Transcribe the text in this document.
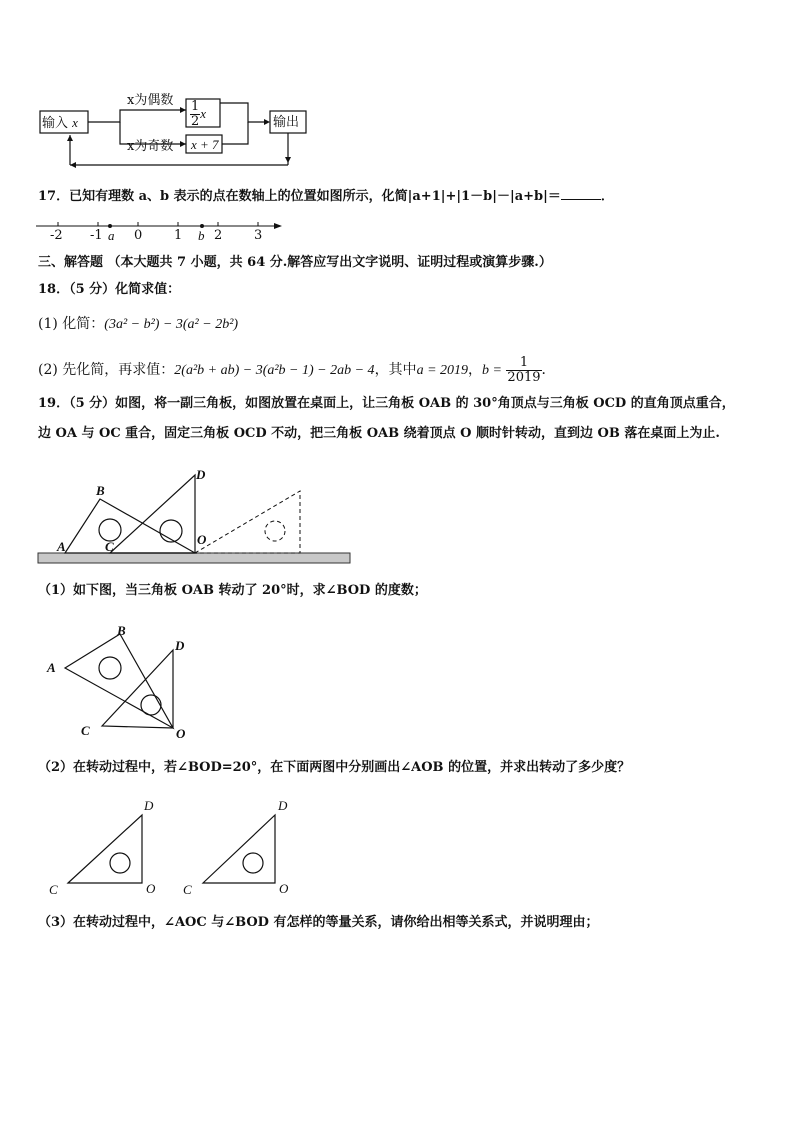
输入 x
x为偶数
x为奇数
$\frac{1}{2}$ x
x + 7
输出
17．已知有理数 a、b 表示的点在数轴上的位置如图所示，化简|a+1|+|1－b|－|a+b|＝	．
-2 -1 a 0 1 b 2 3
三、解答题 （本大题共 7 小题，共 64 分.解答应写出文字说明、证明过程或演算步骤.）
18．（5 分）化简求值：
(1) 化简：(3a² − b²) − 3(a² − 2b²)
(2) 先化简，再求值：2(a²b + ab) − 3(a²b − 1) − 2ab − 4，其中a = 2019，$b = \frac{1}{2019}$ ．
19．（5 分）如图，将一副三角板，如图放置在桌面上，让三角板 OAB 的 30°角顶点与三角板 OCD 的直角顶点重合，
边 OA 与 OC 重合，固定三角板 OCD 不动，把三角板 OAB 绕着顶点 O 顺时针转动，直到边 OB 落在桌面上为止.
A
B
C
D
O
（1）如下图，当三角板 OAB 转动了 20°时，求∠BOD 的度数；
A
B
C
D
O
（2）在转动过程中，若∠BOD=20°，在下面两图中分别画出∠AOB 的位置，并求出转动了多少度？
C
D
O C
D
O
（3）在转动过程中，∠AOC 与∠BOD 有怎样的等量关系，请你给出相等关系式，并说明理由；
